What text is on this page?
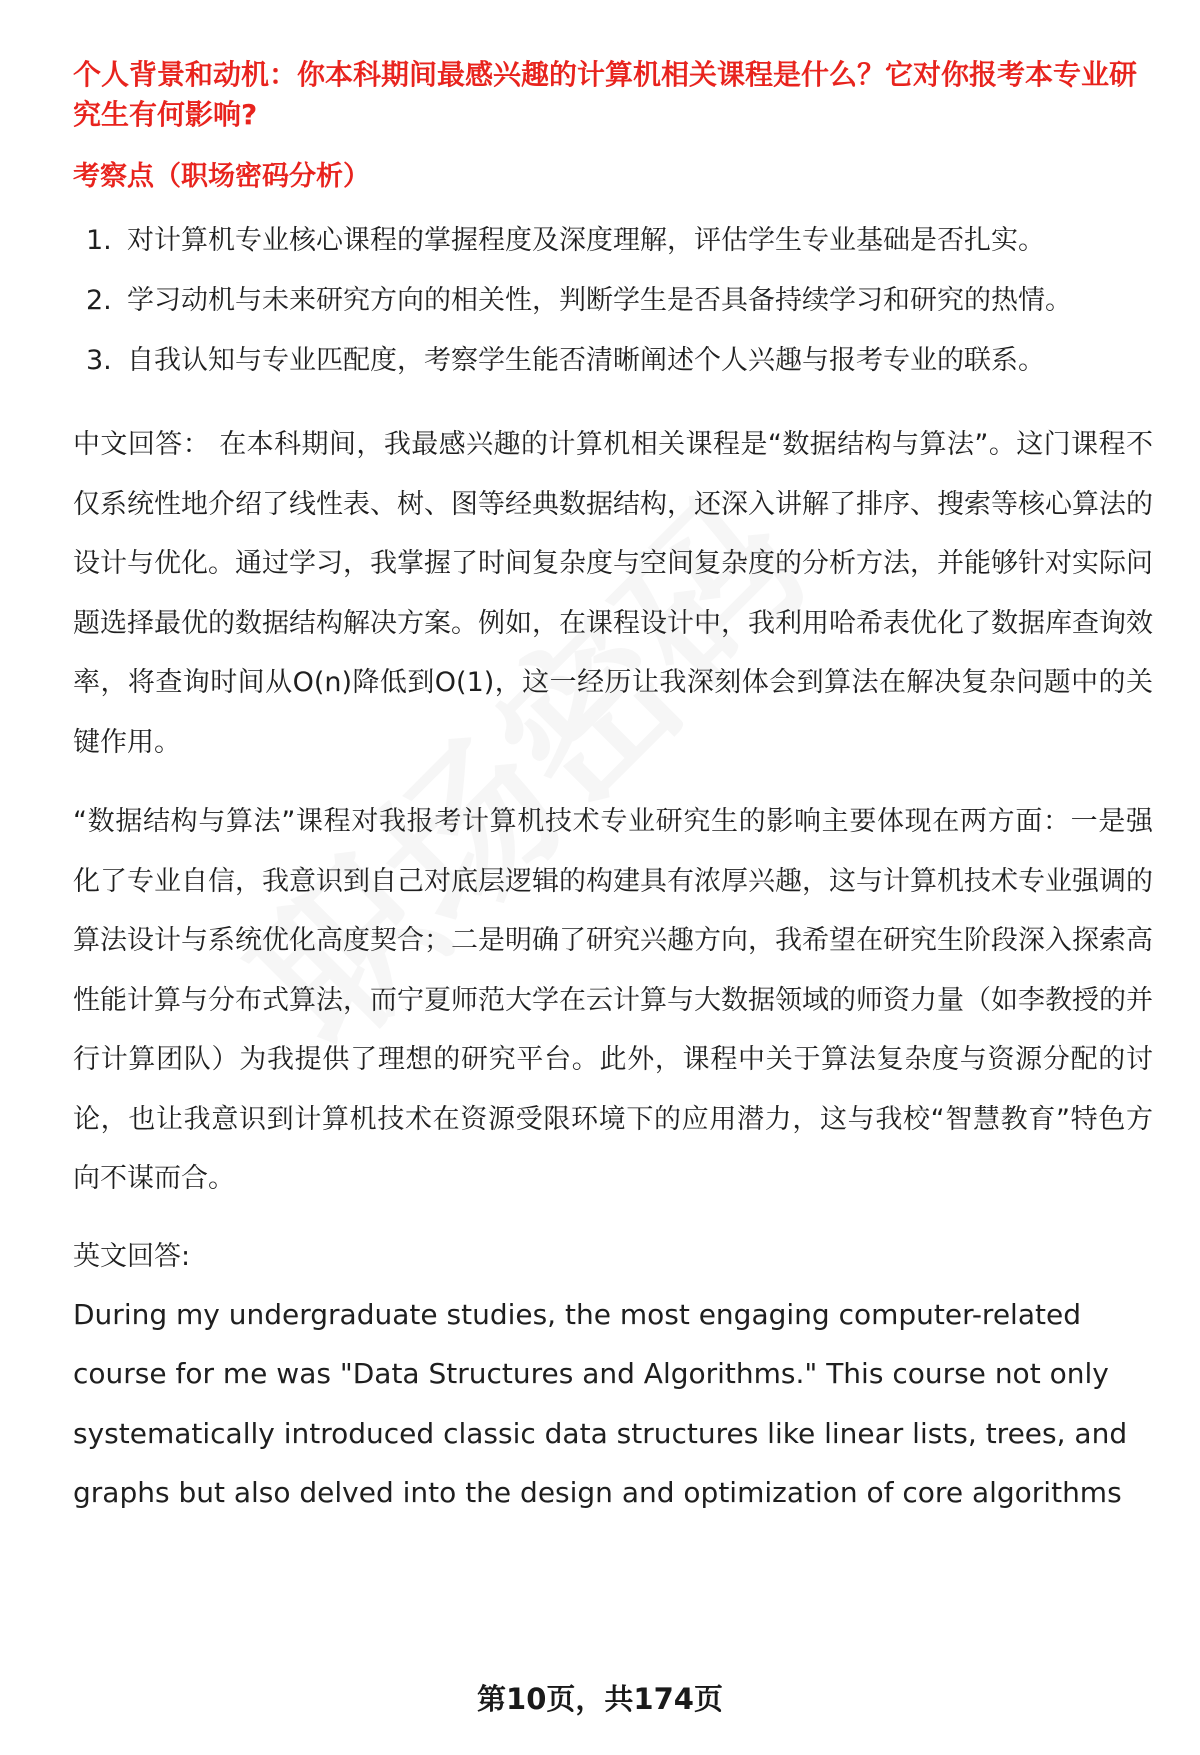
个人背景和动机：你本科期间最感兴趣的计算机相关课程是什么？它对你报考本专业研究生有何影响?

考察点（职场密码分析）

1. 对计算机专业核心课程的掌握程度及深度理解，评估学生专业基础是否扎实。
2. 学习动机与未来研究方向的相关性，判断学生是否具备持续学习和研究的热情。
3. 自我认知与专业匹配度，考察学生能否清晰阐述个人兴趣与报考专业的联系。

中文回答： 在本科期间，我最感兴趣的计算机相关课程是“数据结构与算法”。这门课程不仅系统性地介绍了线性表、树、图等经典数据结构，还深入讲解了排序、搜索等核心算法的设计与优化。通过学习，我掌握了时间复杂度与空间复杂度的分析方法，并能够针对实际问题选择最优的数据结构解决方案。例如，在课程设计中，我利用哈希表优化了数据库查询效率，将查询时间从O(n)降低到O(1)，这一经历让我深刻体会到算法在解决复杂问题中的关键作用。

“数据结构与算法”课程对我报考计算机技术专业研究生的影响主要体现在两方面：一是强化了专业自信，我意识到自己对底层逻辑的构建具有浓厚兴趣，这与计算机技术专业强调的算法设计与系统优化高度契合；二是明确了研究兴趣方向，我希望在研究生阶段深入探索高性能计算与分布式算法，而宁夏师范大学在云计算与大数据领域的师资力量（如李教授的并行计算团队）为我提供了理想的研究平台。此外，课程中关于算法复杂度与资源分配的讨论，也让我意识到计算机技术在资源受限环境下的应用潜力，这与我校“智慧教育”特色方向不谋而合。

英文回答:

During my undergraduate studies, the most engaging computer-related course for me was "Data Structures and Algorithms." This course not only systematically introduced classic data structures like linear lists, trees, and graphs but also delved into the design and optimization of core algorithms

第10页，共174页
